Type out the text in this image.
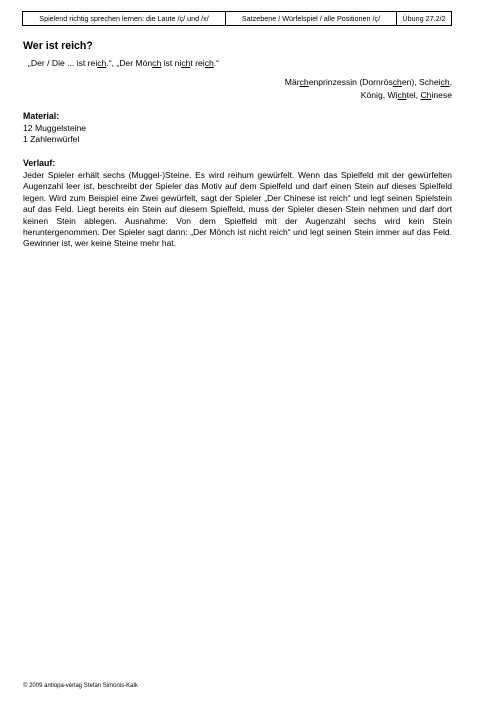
Spielend richtig sprechen lernen: die Laute /ç/ und /x/	Satzebene / Würfelspiel / alle Positionen /ç/	Übung 27.2/2
Wer ist reich?
„Der / Die ... ist reich.“, „Der Mönch ist nicht reich.“
Märchenprinzessin (Dornröschen), Scheich,
König, Wichtel, Chinese
Material:
12 Muggelsteine
1 Zahlenwürfel
Verlauf:
Jeder Spieler erhält sechs (Muggel-)Steine. Es wird reihum gewürfelt. Wenn das Spielfeld mit der gewürfelten Augenzahl leer ist, beschreibt der Spieler das Motiv auf dem Spielfeld und darf einen Stein auf dieses Spielfeld legen. Wird zum Beispiel eine Zwei gewürfelt, sagt der Spieler „Der Chinese ist reich“ und legt seinen Spielstein auf das Feld. Liegt bereits ein Stein auf diesem Spielfeld, muss der Spieler diesen Stein nehmen und darf dort keinen Stein ablegen. Ausnahme: Von dem Spielfeld mit der Augenzahl sechs wird kein Stein heruntergenommen. Der Spieler sagt dann: „Der Mönch ist nicht reich“ und legt seinen Stein immer auf das Feld. Gewinner ist, wer keine Steine mehr hat.
© 2009 antiopa-verlag Stefan Simonis-Kalk
